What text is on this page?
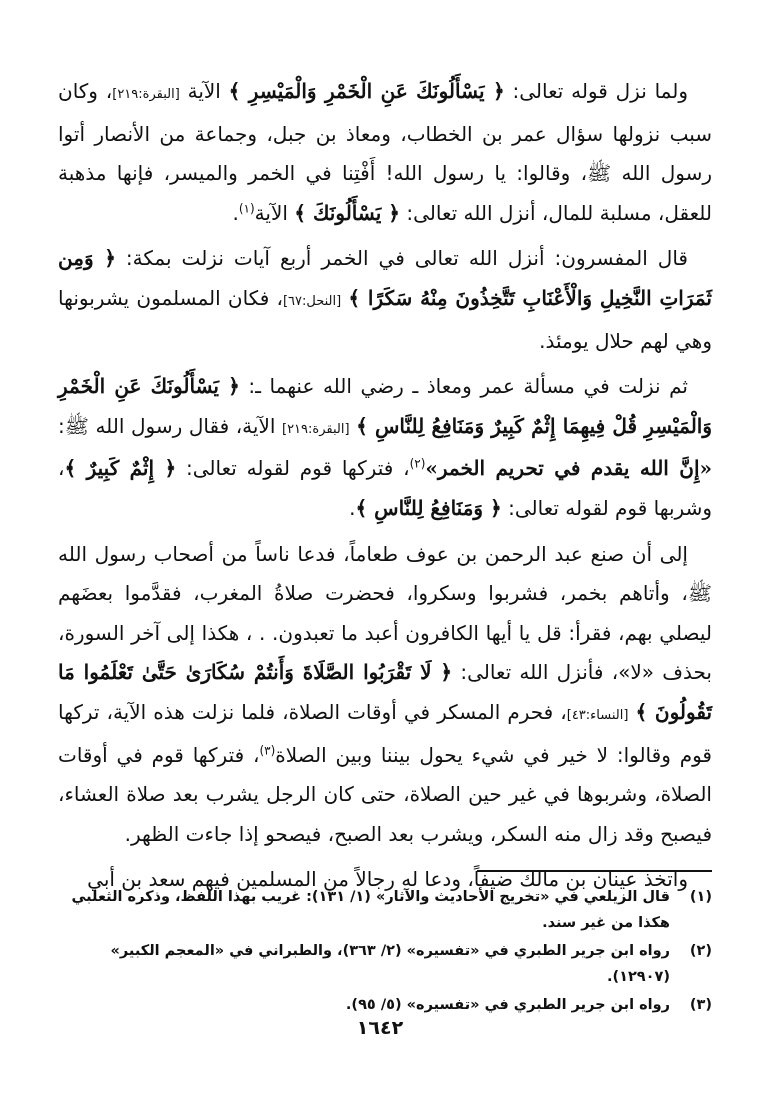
ولما نزل قوله تعالى: ﴿ يَسْأَلُونَكَ عَنِ الْخَمْرِ وَالْمَيْسِرِ ﴾ الآية [البقرة:٢١٩]، وكان سبب نزولها سؤال عمر بن الخطاب، ومعاذ بن جبل، وجماعة من الأنصار أتوا رسول الله ﷺ، وقالوا: يا رسول الله! أَفْتِنا في الخمر والميسر، فإنها مذهبة للعقل، مسلبة للمال، أنزل الله تعالى: ﴿ يَسْأَلُونَكَ ﴾ الآية$^{(١)}$.

قال المفسرون: أنزل الله تعالى في الخمر أربع آيات نزلت بمكة: ﴿ وَمِن ثَمَرَاتِ النَّخِيلِ وَالْأَعْنَابِ تَتَّخِذُونَ مِنْهُ سَكَرًا ﴾ [النحل:٦٧]، فكان المسلمون يشربونها وهي لهم حلال يومئذ.

ثم نزلت في مسألة عمر ومعاذ ـ رضي الله عنهما ـ: ﴿ يَسْأَلُونَكَ عَنِ الْخَمْرِ وَالْمَيْسِرِ قُلْ فِيهِمَا إِثْمٌ كَبِيرٌ وَمَنَافِعُ لِلنَّاسِ ﴾ [البقرة:٢١٩] الآية، فقال رسول الله ﷺ: «إِنَّ الله يقدم في تحريم الخمر»$^{(٢)}$، فتركها قوم لقوله تعالى: ﴿ إِثْمٌ كَبِيرٌ ﴾، وشربها قوم لقوله تعالى: ﴿ وَمَنَافِعُ لِلنَّاسِ ﴾.

إلى أن صنع عبد الرحمن بن عوف طعاماً، فدعا ناساً من أصحاب رسول الله ﷺ، وأتاهم بخمر، فشربوا وسكروا، فحضرت صلاةُ المغرب، فقدَّموا بعضَهم ليصلي بهم، فقرأ: قل يا أيها الكافرون أعبد ما تعبدون. . ، هكذا إلى آخر السورة، بحذف «لا»، فأنزل الله تعالى: ﴿ لَا تَقْرَبُوا الصَّلَاةَ وَأَنتُمْ سُكَارَىٰ حَتَّىٰ تَعْلَمُوا مَا تَقُولُونَ ﴾ [النساء:٤٣]، فحرم المسكر في أوقات الصلاة، فلما نزلت هذه الآية، تركها قوم وقالوا: لا خير في شيء يحول بيننا وبين الصلاة$^{(٣)}$، فتركها قوم في أوقات الصلاة، وشربوها في غير حين الصلاة، حتى كان الرجل يشرب بعد صلاة العشاء، فيصبح وقد زال منه السكر، ويشرب بعد الصبح، فيصحو إذا جاءت الظهر.

واتخذ عينان بن مالك ضيفاً، ودعا له رجالاً من المسلمين فيهم سعد بن أبي

(١)
قال الزيلعي في «تخريج الأحاديث والآثار» (١/ ١٣١): غريب بهذا اللفظ، وذكره الثعلبي هكذا من غير سند.
(٢)
رواه ابن جرير الطبري في «تفسيره» (٢/ ٣٦٣)، والطبراني في «المعجم الكبير» (١٢٩٠٧).
(٣)
رواه ابن جرير الطبري في «تفسيره» (٥/ ٩٥).
١٦٤٢
